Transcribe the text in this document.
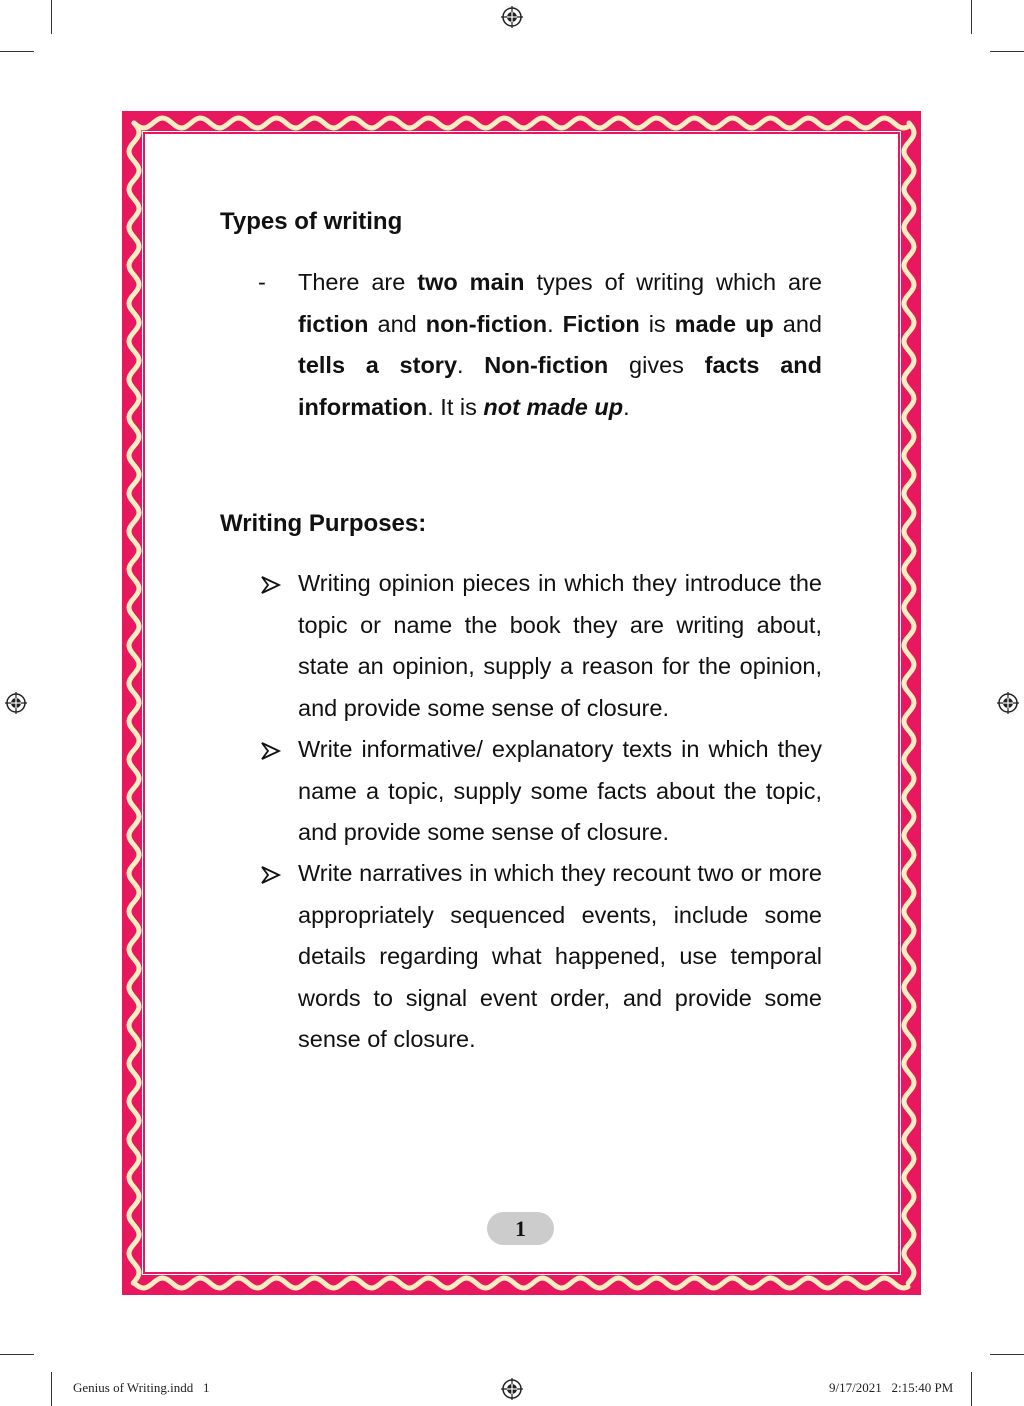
Types of writing
- There are two main types of writing which are fiction and non-fiction. Fiction is made up and tells a story. Non-fiction gives facts and information. It is not made up.
Writing Purposes:
Writing opinion pieces in which they introduce the topic or name the book they are writing about, state an opinion, supply a reason for the opinion, and provide some sense of closure.
Write informative/ explanatory texts in which they name a topic, supply some facts about the topic, and provide some sense of closure.
Write narratives in which they recount two or more appropriately sequenced events, include some details regarding what happened, use temporal words to signal event order, and provide some sense of closure.
1
Genius of Writing.indd   1	9/17/2021   2:15:40 PM
